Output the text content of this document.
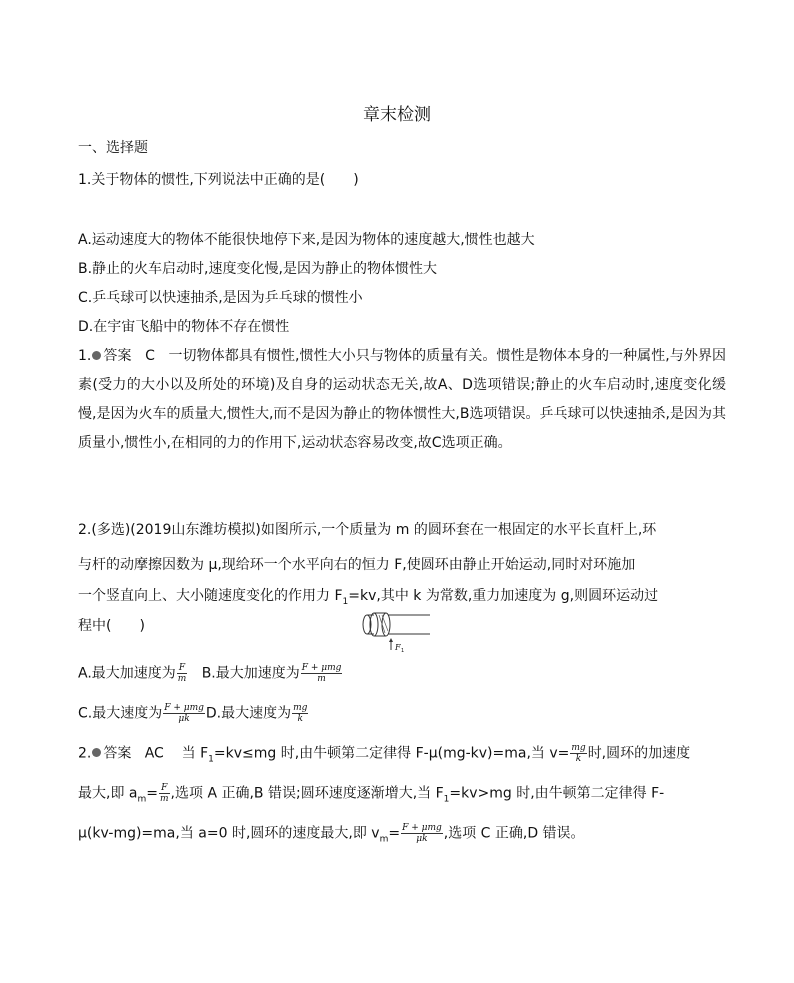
章末检测
一、选择题
1.关于物体的惯性,下列说法中正确的是(　　)
A.运动速度大的物体不能很快地停下来,是因为物体的速度越大,惯性也越大
B.静止的火车启动时,速度变化慢,是因为静止的物体惯性大
C.乒乓球可以快速抽杀,是因为乒乓球的惯性小
D.在宇宙飞船中的物体不存在惯性
1. 答案 C 一切物体都具有惯性,惯性大小只与物体的质量有关。惯性是物体本身的一种属性,与外界因素(受力的大小以及所处的环境)及自身的运动状态无关,故A、D选项错误;静止的火车启动时,速度变化缓慢,是因为火车的质量大,惯性大,而不是因为静止的物体惯性大,B选项错误。乒乓球可以快速抽杀,是因为其质量小,惯性小,在相同的力的作用下,运动状态容易改变,故C选项正确。
2.(多选)(2019山东潍坊模拟)如图所示,一个质量为 m 的圆环套在一根固定的水平长直杆上,环
与杆的动摩擦因数为 μ,现给环一个水平向右的恒力 F,使圆环由静止开始运动,同时对环施加
一个竖直向上、大小随速度变化的作用力 $F_1=kv$,其中 k 为常数,重力加速度为 g,则圆环运动过
程中(　　)
F 1
A.最大加速度为 $\frac{F}{m} B$.最大加速度为 $\frac{\text{F + μmg}}{m}$
C.最大速度为 $\frac{\text{F + μmg}}{\mu k} D$.最大速度为 $\frac{mg}{k}$
2. 答案 AC 当 $F_1=kv\le mg$ 时,由牛顿第二定律得 F-μ(mg-kv)=ma,当 $v= \frac{mg}{k}$ 时,圆环的加速度
最大,即 $a_m= \frac{F}{m}$ ,选项 A 正确,B 错误;圆环速度逐渐增大,当 $F_1=kv>mg$ 时,由牛顿第二定律得 F-
μ(kv-mg)=ma,当 a=0 时,圆环的速度最大,即 $v_m= \frac{\text{F + μmg}}{\mu k}$ ,选项 C 正确,D 错误。
